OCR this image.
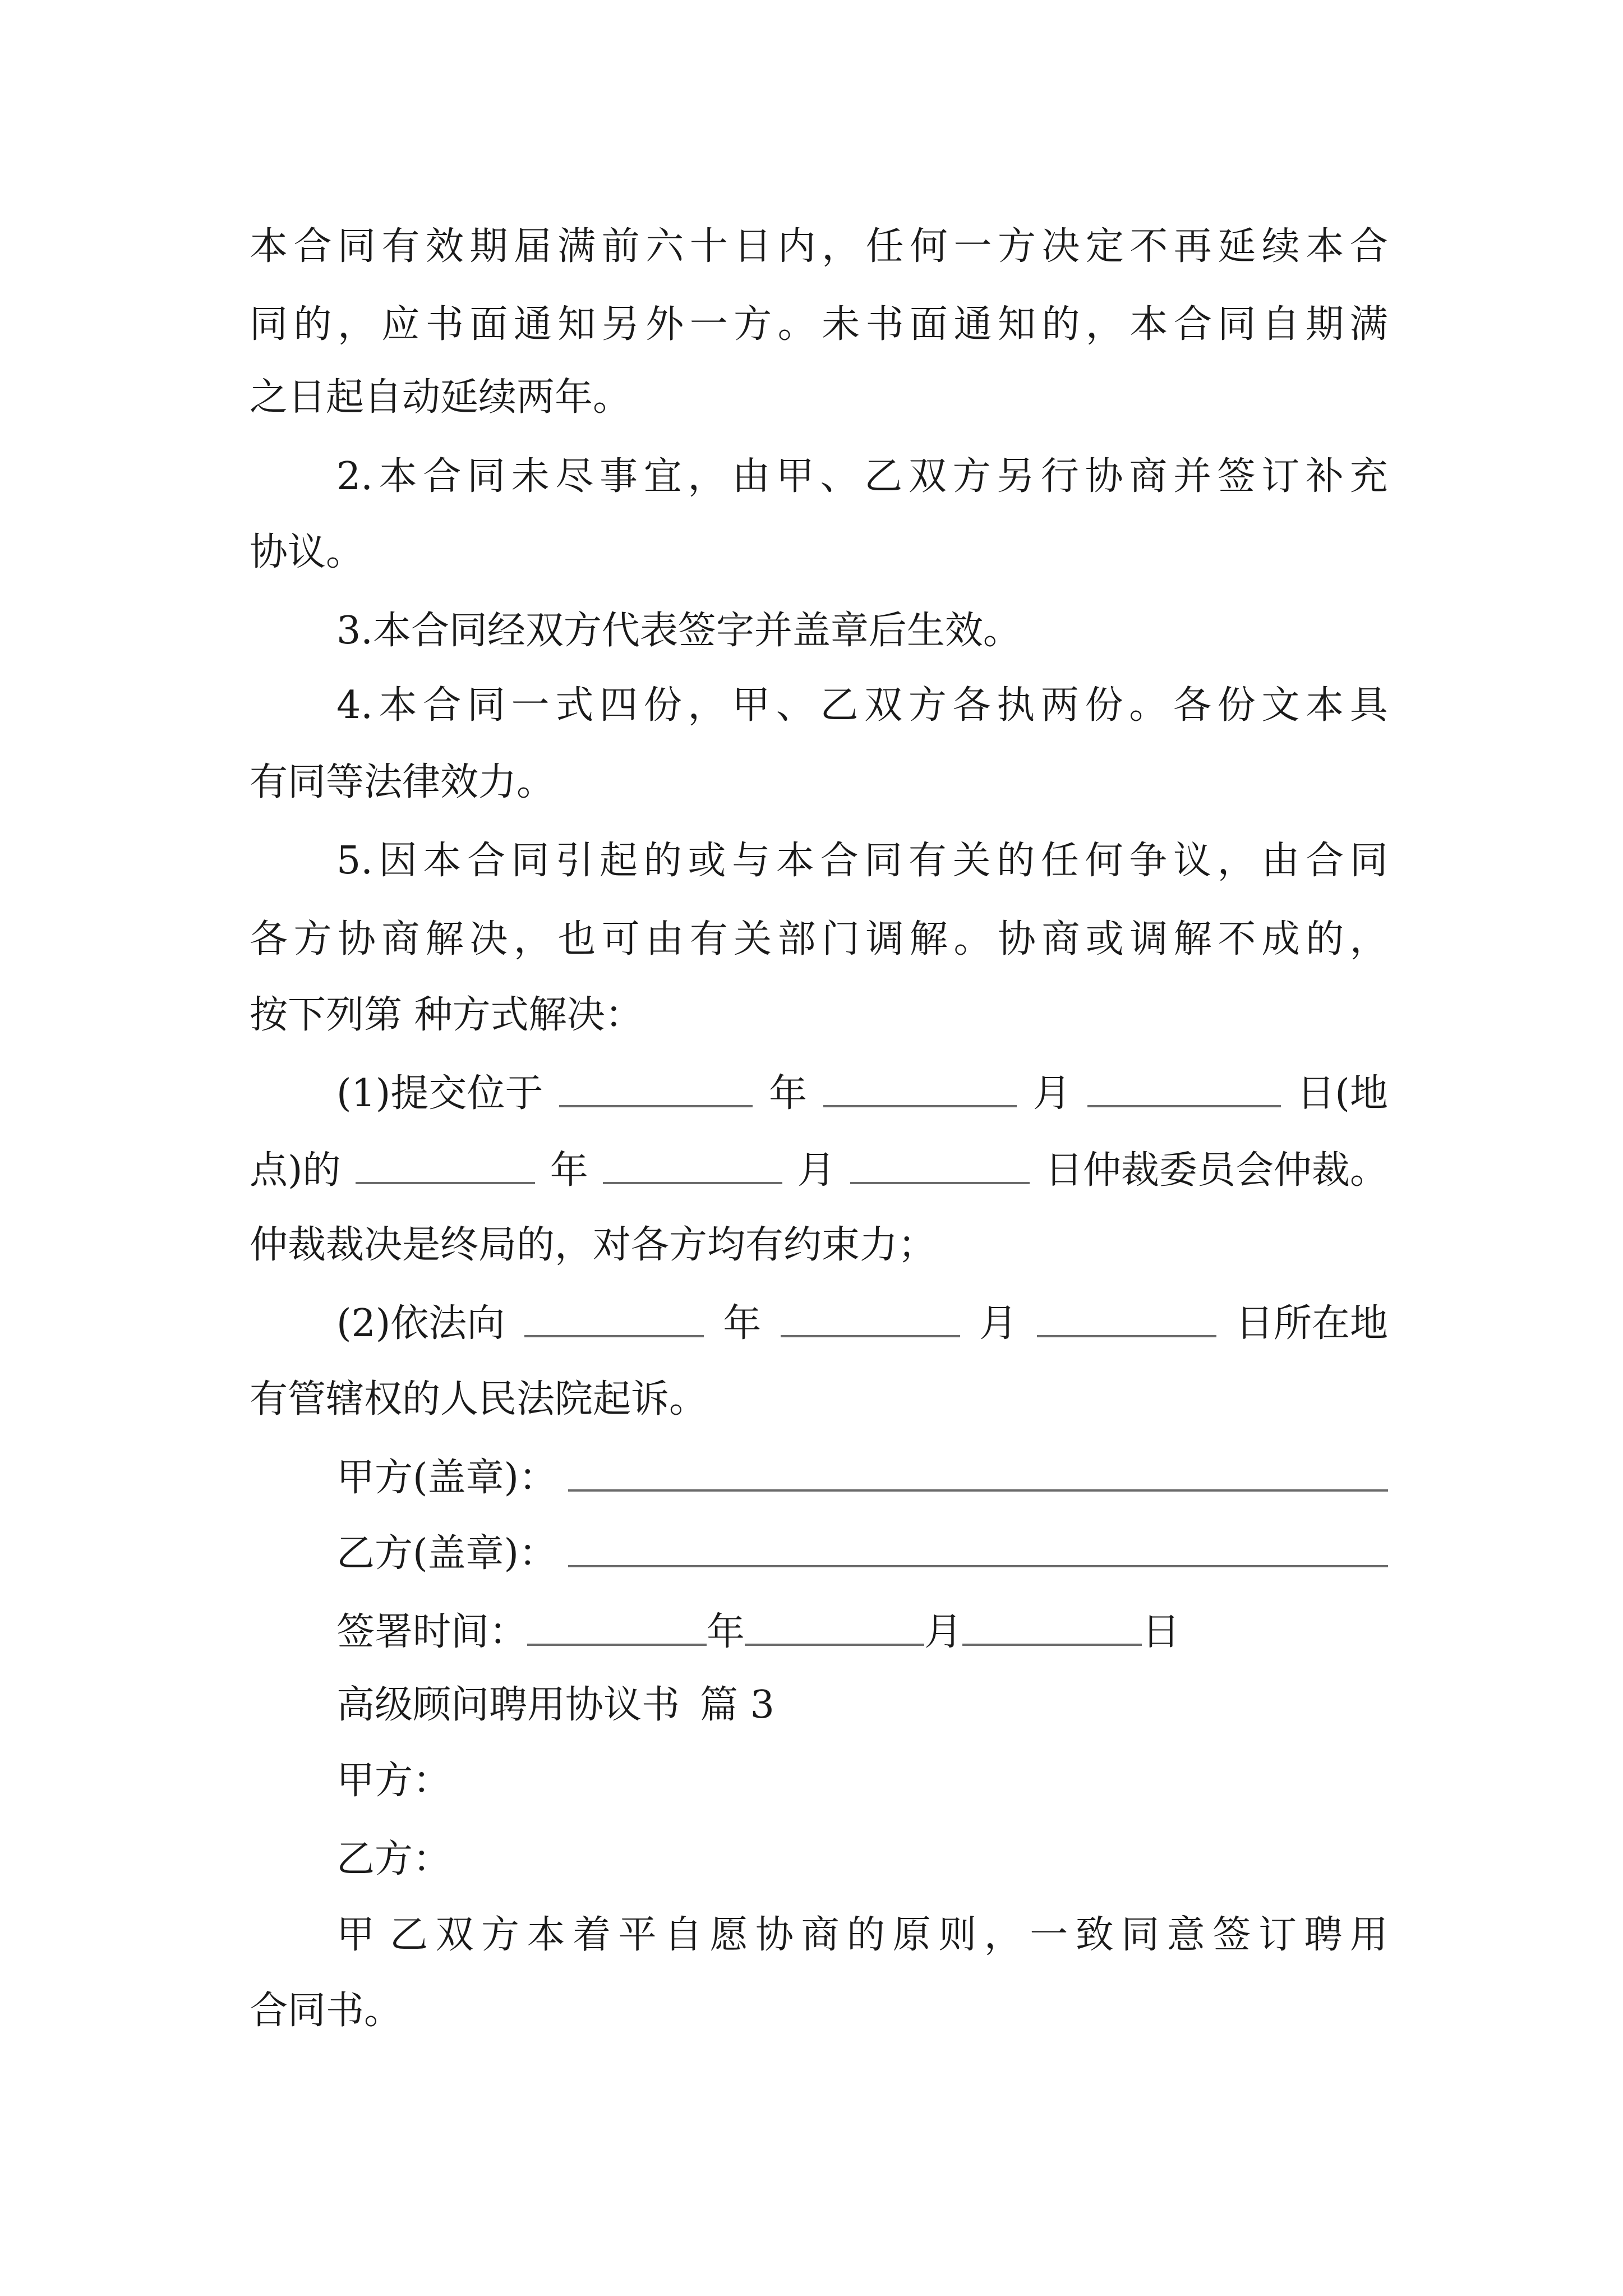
本 合 同 有 效 期 届 满 前 六 十 日 内 ， 任 何 一 方 决 定 不 再 延 续 本 合
同 的 ， 应 书 面 通 知 另 外 一 方 。 未 书 面 通 知 的 ， 本 合 同 自 期 满
之日起自动延续两年。
2. 本 合 同 未 尽 事 宜 ， 由 甲 、 乙 双 方 另 行 协 商 并 签 订 补 充
协议。
3.本合同经双方代表签字并盖章后生效。
4. 本 合 同 一 式 四 份 ， 甲 、 乙 双 方 各 执 两 份 。 各 份 文 本 具
有同等法律效力。
5. 因 本 合 同 引 起 的 或 与 本 合 同 有 关 的 任 何 争 议 ， 由 合 同
各 方 协 商 解 决 ， 也 可 由 有 关 部 门 调 解 。 协 商 或 调 解 不 成 的 ，
按下列第 种方式解决：
(1)提交位于	年	月	日(地
点)的	年	月	日仲裁委员会仲裁。
仲裁裁决是终局的，对各方均有约束力；
(2)依法向	年	月	日所在地
有管辖权的人民法院起诉。
甲方(盖章)：
乙方(盖章)：
签署时间：	年	月	日
高级顾问聘用协议书 篇 3
甲方：
乙方：
甲 乙 双 方 本 着 平 自 愿 协 商 的 原 则 ， 一 致 同 意 签 订 聘 用
合同书。
